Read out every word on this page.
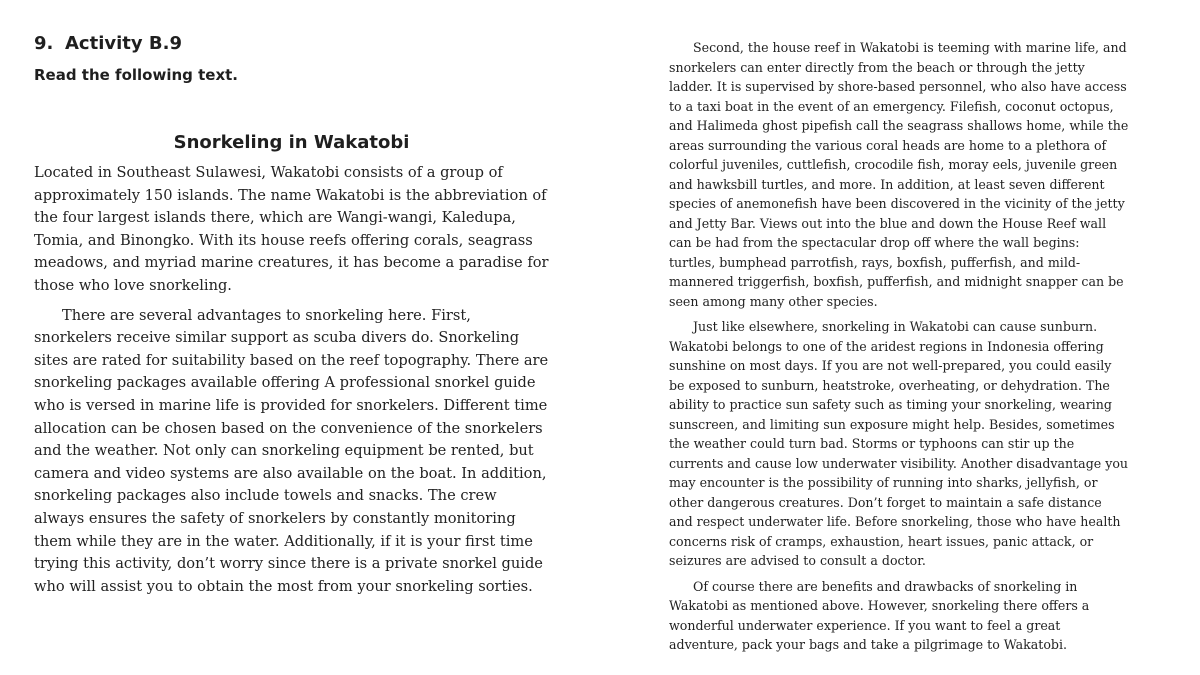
9. Activity B.9

Read the following text.

Snorkeling in Wakatobi

Located in Southeast Sulawesi, Wakatobi consists of a group of approximately 150 islands. The name Wakatobi is the abbreviation of the four largest islands there, which are Wangi-wangi, Kaledupa, Tomia, and Binongko. With its house reefs offering corals, seagrass meadows, and myriad marine creatures, it has become a paradise for those who love snorkeling.

There are several advantages to snorkeling here. First, snorkelers receive similar support as scuba divers do. Snorkeling sites are rated for suitability based on the reef topography. There are snorkeling packages available offering A professional snorkel guide who is versed in marine life is provided for snorkelers. Different time allocation can be chosen based on the convenience of the snorkelers and the weather. Not only can snorkeling equipment be rented, but camera and video systems are also available on the boat. In addition, snorkeling packages also include towels and snacks. The crew always ensures the safety of snorkelers by constantly monitoring them while they are in the water. Additionally, if it is your first time trying this activity, don’t worry since there is a private snorkel guide who will assist you to obtain the most from your snorkeling sorties.

Second, the house reef in Wakatobi is teeming with marine life, and snorkelers can enter directly from the beach or through the jetty ladder. It is supervised by shore-based personnel, who also have access to a taxi boat in the event of an emergency. Filefish, coconut octopus, and Halimeda ghost pipefish call the seagrass shallows home, while the areas surrounding the various coral heads are home to a plethora of colorful juveniles, cuttlefish, crocodile fish, moray eels, juvenile green and hawksbill turtles, and more. In addition, at least seven different species of anemonefish have been discovered in the vicinity of the jetty and Jetty Bar. Views out into the blue and down the House Reef wall can be had from the spectacular drop off where the wall begins: turtles, bumphead parrotfish, rays, boxfish, pufferfish, and mild-mannered triggerfish, boxfish, pufferfish, and midnight snapper can be seen among many other species.

Just like elsewhere, snorkeling in Wakatobi can cause sunburn. Wakatobi belongs to one of the aridest regions in Indonesia offering sunshine on most days. If you are not well-prepared, you could easily be exposed to sunburn, heatstroke, overheating, or dehydration. The ability to practice sun safety such as timing your snorkeling, wearing sunscreen, and limiting sun exposure might help. Besides, sometimes the weather could turn bad. Storms or typhoons can stir up the currents and cause low underwater visibility. Another disadvantage you may encounter is the possibility of running into sharks, jellyfish, or other dangerous creatures. Don’t forget to maintain a safe distance and respect underwater life. Before snorkeling, those who have health concerns risk of cramps, exhaustion, heart issues, panic attack, or seizures are advised to consult a doctor.

Of course there are benefits and drawbacks of snorkeling in Wakatobi as mentioned above. However, snorkeling there offers a wonderful underwater experience. If you want to feel a great adventure, pack your bags and take a pilgrimage to Wakatobi.
